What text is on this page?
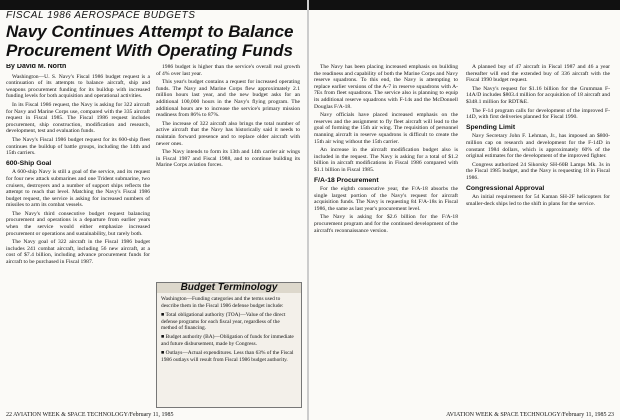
FISCAL 1986 AEROSPACE BUDGETS
Navy Continues Attempt to Balance Procurement With Operating Funds

By David M. North

Washington—U. S. Navy's Fiscal 1986 budget request is a continuation of its attempts to balance aircraft, ship and weapons procurement funding for its buildup with increased funding levels for both acquisition and operational activities.

In its Fiscal 1986 request, the Navy is asking for 322 aircraft for Navy and Marine Corps use, compared with the 335 aircraft request in Fiscal 1985. The Fiscal 1986 request includes procurement, ship construction, modification and research, development, test and evaluation funds.

The Navy's Fiscal 1986 budget request for its 600-ship fleet continues the buildup of battle groups, including the 14th and 15th carriers.

600-Ship Goal

A 600-ship Navy is still a goal of the service, and its request for four new attack submarines and one Trident submarine, two cruisers, destroyers and a number of support ships reflects the attempt to reach that level. Matching the Navy's Fiscal 1986 budget request, the service is asking for increased numbers of missiles to arm its combat vessels.

The Navy's third consecutive budget request balancing procurement and operations is a departure from earlier years when the service would either emphasize increased procurement or operations and sustainability, but rarely both.

The Navy goal of 322 aircraft in the Fiscal 1986 budget includes 241 combat aircraft, including 56 new aircraft, at a cost of $7.4 billion, including advance procurement funds for aircraft to be purchased in Fiscal 1987.

1986 budget is higher than the service's overall real growth of 4% over last year.

This year's budget contains a request for increased operating funds. The Navy and Marine Corps flew approximately 2.1 million hours last year, and the new budget asks for an additional 100,000 hours in the Navy's flying program. The additional hours are to increase the service's primary mission readiness from 86% to 87%.

The increase of 322 aircraft also brings the total number of active aircraft that the Navy has historically said it needs to maintain forward presence and to replace older aircraft with newer ones.

The Navy intends to form its 13th and 14th carrier air wings in Fiscal 1987 and Fiscal 1988, and to continue building its Marine Corps aviation forces.

Budget Terminology

Washington—Funding categories and the terms used to describe them in the Fiscal 1986 defense budget include:

■ Total obligational authority (TOA)—Value of the direct defense programs for each fiscal year, regardless of the method of financing.

■ Budget authority (BA)—Obligation of funds for immediate and future disbursement, made by Congress.

■ Outlays—Actual expenditures. Less than 63% of the Fiscal 1986 outlays will result from Fiscal 1986 budget authority.

The Navy has been placing increased emphasis on building the readiness and capability of both the Marine Corps and Navy reserve squadrons. To this end, the Navy is attempting to replace earlier versions of the A-7 in reserve squadrons with A-7Es from fleet squadrons. The service also is planning to equip its additional reserve squadrons with F-14s and the McDonnell Douglas F/A-18.

Navy officials have placed increased emphasis on the reserves and the assignment to fly fleet aircraft will lead to the goal of forming the 15th air wing. The requisition of personnel manning aircraft in reserve squadrons is difficult to create the 15th air wing without the 15th carrier.

An increase in the aircraft modification budget also is included in the request. The Navy is asking for a total of $1.2 billion in aircraft modifications in Fiscal 1986 compared with $1.1 billion in Fiscal 1985.

F/A-18 Procurement

For the eighth consecutive year, the F/A-18 absorbs the single largest portion of the Navy's request for aircraft acquisition funds. The Navy is requesting 84 F/A-18s in Fiscal 1986, the same as last year's procurement level.

The Navy is asking for $2.6 billion for the F/A-18 procurement program and for the continued development of the aircraft's reconnaissance version.

A planned buy of 47 aircraft in Fiscal 1987 and 46 a year thereafter will end the extended buy of 336 aircraft with the Fiscal 1990 budget request.

The Navy's request for $1.16 billion for the Grumman F-14A/D includes $803.4 million for acquisition of 18 aircraft and $348.1 million for RDT&E.

The F-14 program calls for development of the improved F-14D, with first deliveries planned for Fiscal 1990.

Spending Limit

Navy Secretary John F. Lehman, Jr., has imposed an $800-million cap on research and development for the F-14D in constant 1984 dollars, which is approximately 60% of the original estimates for the development of the improved fighter.

Congress authorized 24 Sikorsky SH-60B Lamps Mk. 3s in the Fiscal 1985 budget, and the Navy is requesting 18 in Fiscal 1986.

Congressional Approval

An initial requirement for 54 Kaman SH-2F helicopters for smaller-deck ships led to the shift in plans for the service.

22 AVIATION WEEK & SPACE TECHNOLOGY/February 11, 1985	AVIATION WEEK & SPACE TECHNOLOGY/February 11, 1985 23
